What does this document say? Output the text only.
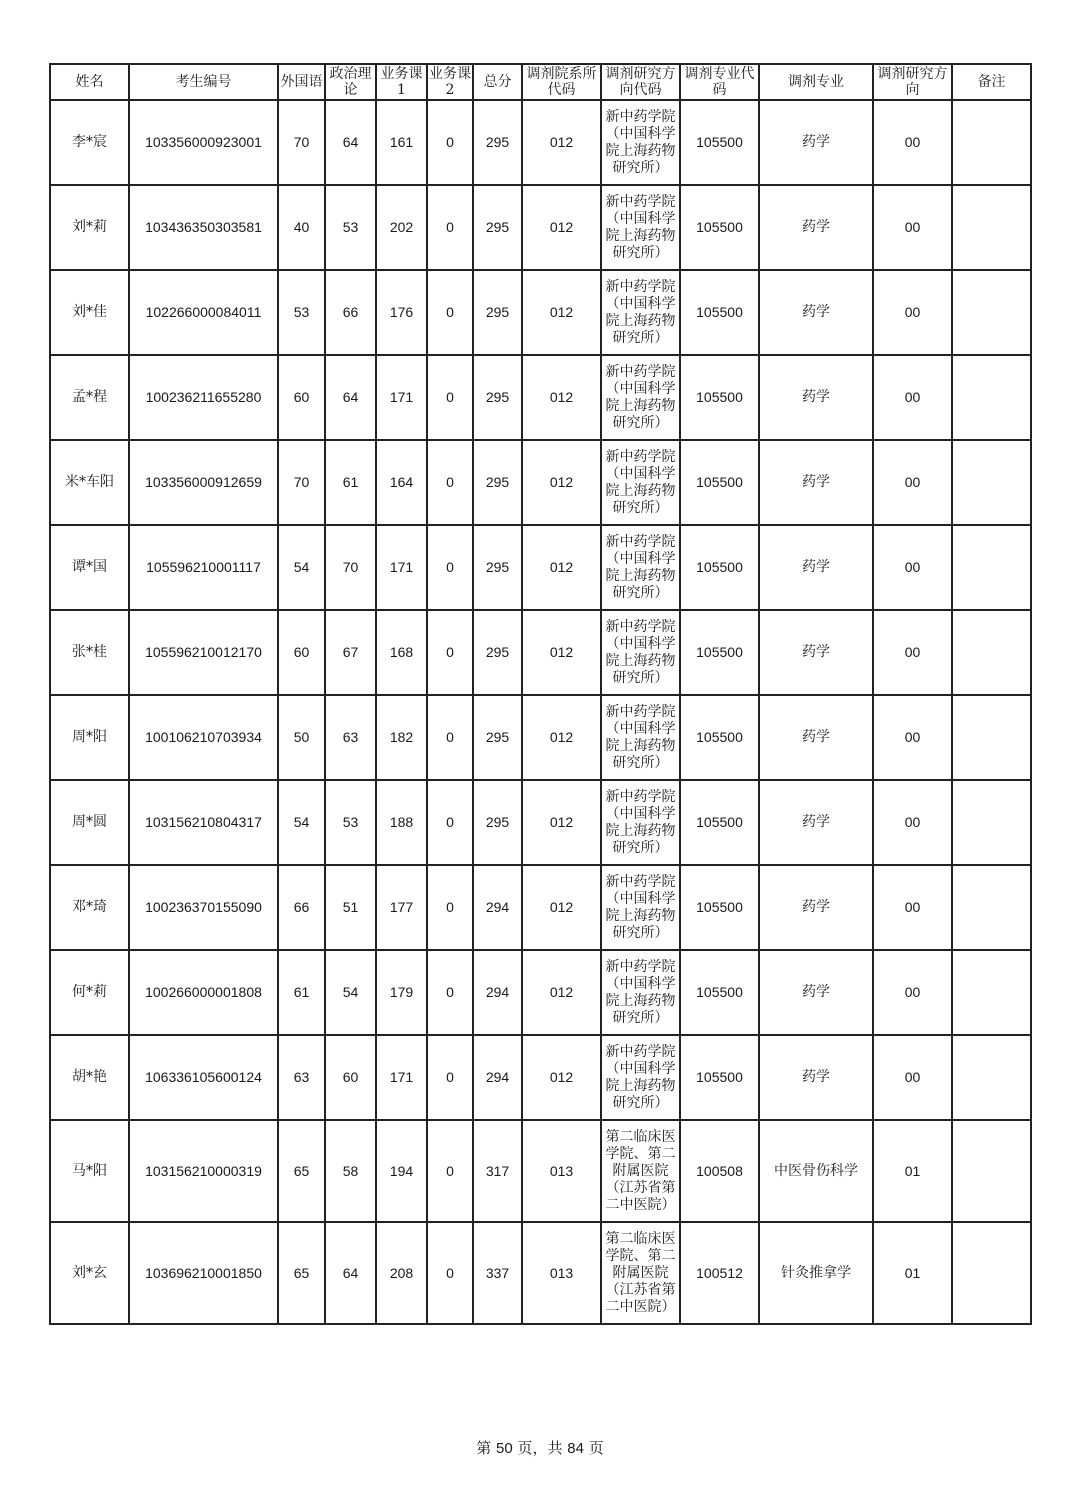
姓名	考生编号	外国语	政治理论	业务课1	业务课2	总分	调剂院系所代码	调剂研究方向代码	调剂专业代码	调剂专业	调剂研究方向	备注
李*宸	103356000923001	70	64	161	0	295	012	新中药学院（中国科学院上海药物研究所）	105500	药学	00	
刘*莉	103436350303581	40	53	202	0	295	012	新中药学院（中国科学院上海药物研究所）	105500	药学	00	
刘*佳	102266000084011	53	66	176	0	295	012	新中药学院（中国科学院上海药物研究所）	105500	药学	00	
孟*程	100236211655280	60	64	171	0	295	012	新中药学院（中国科学院上海药物研究所）	105500	药学	00	
米*车阳	103356000912659	70	61	164	0	295	012	新中药学院（中国科学院上海药物研究所）	105500	药学	00	
谭*国	105596210001117	54	70	171	0	295	012	新中药学院（中国科学院上海药物研究所）	105500	药学	00	
张*桂	105596210012170	60	67	168	0	295	012	新中药学院（中国科学院上海药物研究所）	105500	药学	00	
周*阳	100106210703934	50	63	182	0	295	012	新中药学院（中国科学院上海药物研究所）	105500	药学	00	
周*圆	103156210804317	54	53	188	0	295	012	新中药学院（中国科学院上海药物研究所）	105500	药学	00	
邓*琦	100236370155090	66	51	177	0	294	012	新中药学院（中国科学院上海药物研究所）	105500	药学	00	
何*莉	100266000001808	61	54	179	0	294	012	新中药学院（中国科学院上海药物研究所）	105500	药学	00	
胡*艳	106336105600124	63	60	171	0	294	012	新中药学院（中国科学院上海药物研究所）	105500	药学	00	
马*阳	103156210000319	65	58	194	0	317	013	第二临床医学院、第二附属医院（江苏省第二中医院）	100508	中医骨伤科学	01	
刘*玄	103696210001850	65	64	208	0	337	013	第二临床医学院、第二附属医院（江苏省第二中医院）	100512	针灸推拿学	01	
第 50 页，共 84 页
